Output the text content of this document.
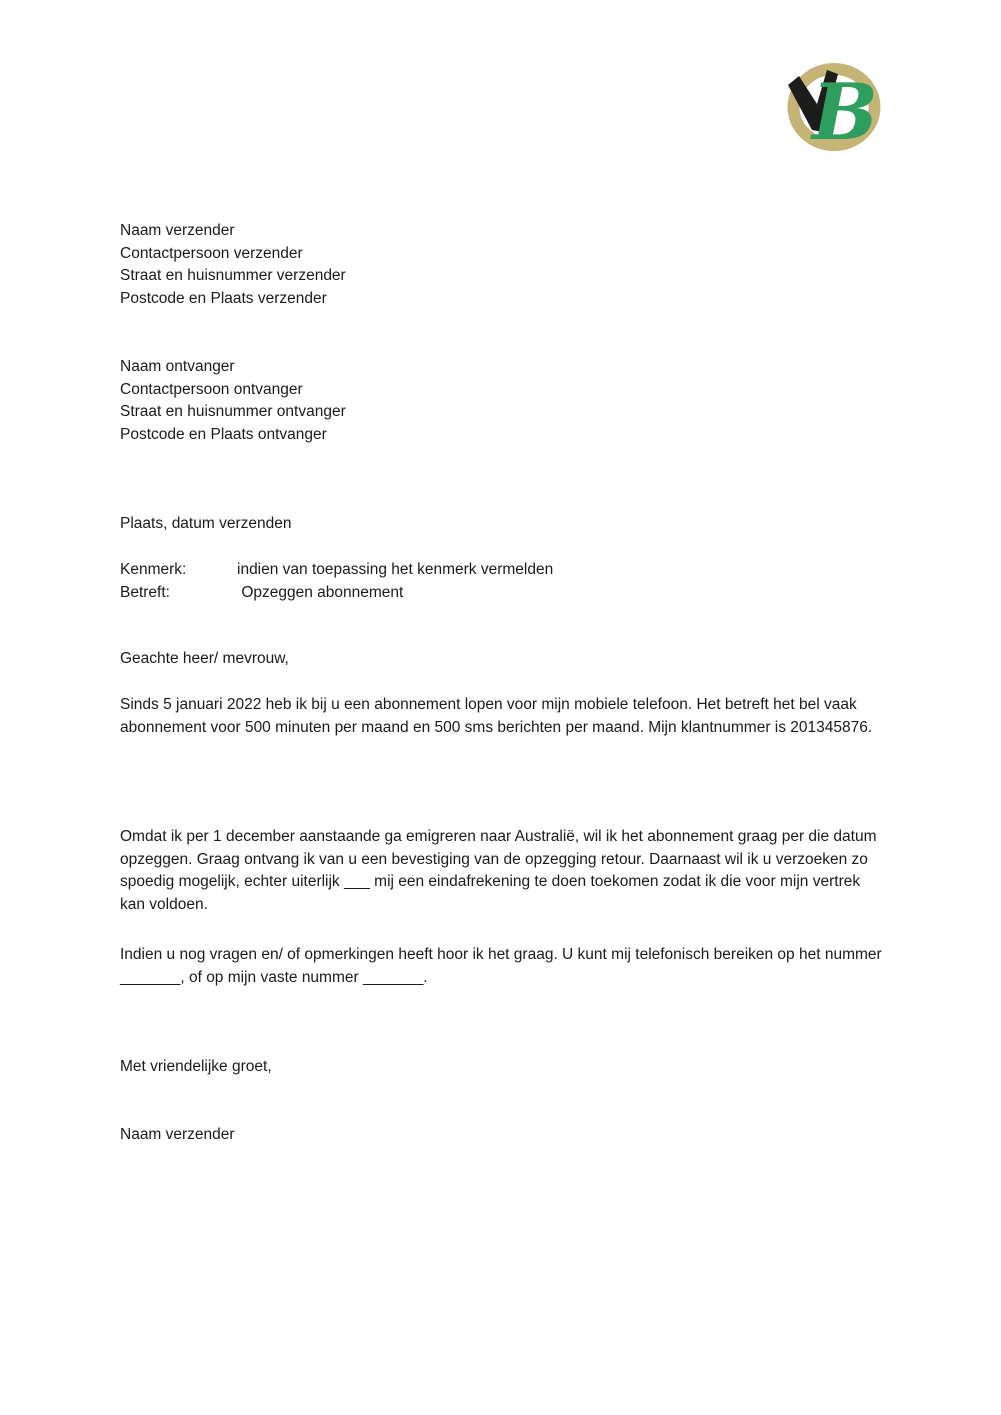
B
Naam verzender
Contactpersoon verzender
Straat en huisnummer verzender
Postcode en Plaats verzender
Naam ontvanger
Contactpersoon ontvanger
Straat en huisnummer ontvanger
Postcode en Plaats ontvanger
Plaats, datum verzenden
Kenmerk:	indien van toepassing het kenmerk vermelden
Betreft:	Opzeggen abonnement
Geachte heer/ mevrouw,
Sinds 5 januari 2022 heb ik bij u een abonnement lopen voor mijn mobiele telefoon. Het betreft het bel vaak abonnement voor 500 minuten per maand en 500 sms berichten per maand. Mijn klantnummer is 201345876.
Omdat ik per 1 december aanstaande ga emigreren naar Australië, wil ik het abonnement graag per die datum opzeggen. Graag ontvang ik van u een bevestiging van de opzegging retour. Daarnaast wil ik u verzoeken zo spoedig mogelijk, echter uiterlijk ___ mij een eindafrekening te doen toekomen zodat ik die voor mijn vertrek kan voldoen.
Indien u nog vragen en/ of opmerkingen heeft hoor ik het graag. U kunt mij telefonisch bereiken op het nummer _______, of op mijn vaste nummer _______.
Met vriendelijke groet,
Naam verzender
